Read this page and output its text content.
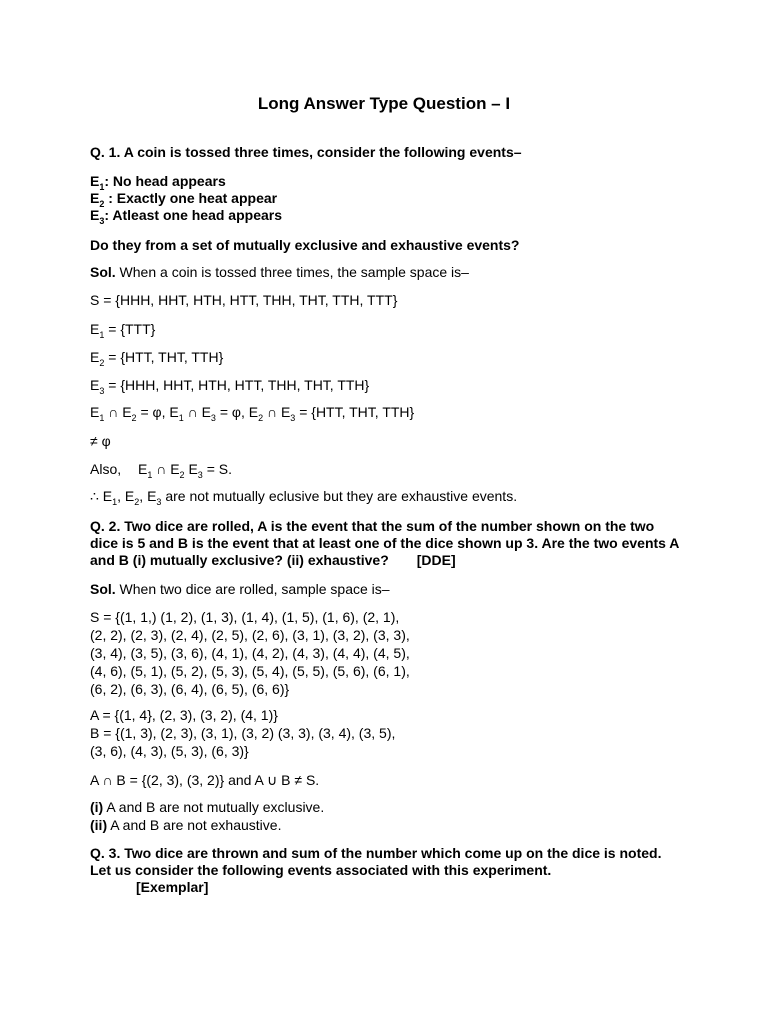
Long Answer Type Question – I
Q. 1. A coin is tossed three times, consider the following events–
$E_1$: No head appears
$E_2$ : Exactly one heat appear
$E_3$: Atleast one head appears
Do they from a set of mutually exclusive and exhaustive events?
Sol. When a coin is tossed three times, the sample space is–
S = {HHH, HHT, HTH, HTT, THH, THT, TTH, TTT}
$E_1 = \{TTT\}$
$E_2 = \{HTT$, THT, TTH}
$E_3 = \{HHH$, HHT, HTH, HTT, THH, THT, TTH}
$E_1$ ∩ $E_2 = \varphi$, $E_1$ ∩ $E_3 = \varphi$, $E_2$ ∩ $E_3 = \{HTT$, THT, TTH}
≠ φ
Also, $E_1$ ∩ $E_2$ $E_3 = S$.
∴ $E_1$, $E_2$, $E_3$ are not mutually eclusive but they are exhaustive events.
Q. 2. Two dice are rolled, A is the event that the sum of the number shown on the two
dice is 5 and B is the event that at least one of the dice shown up 3. Are the two events A
and B (i) mutually exclusive? (ii) exhaustive? [DDE]
Sol. When two dice are rolled, sample space is–
S = {(1, 1,) (1, 2), (1, 3), (1, 4), (1, 5), (1, 6), (2, 1),
(2, 2), (2, 3), (2, 4), (2, 5), (2, 6), (3, 1), (3, 2), (3, 3),
(3, 4), (3, 5), (3, 6), (4, 1), (4, 2), (4, 3), (4, 4), (4, 5),
(4, 6), (5, 1), (5, 2), (5, 3), (5, 4), (5, 5), (5, 6), (6, 1),
(6, 2), (6, 3), (6, 4), (6, 5), (6, 6)}
A = {(1, 4}, (2, 3), (3, 2), (4, 1)}
B = {(1, 3), (2, 3), (3, 1), (3, 2) (3, 3), (3, 4), (3, 5),
(3, 6), (4, 3), (5, 3), (6, 3)}
A ∩ B = {(2, 3), (3, 2)} and A ∪ B ≠ S.
(i) A and B are not mutually exclusive.
(ii) A and B are not exhaustive.
Q. 3. Two dice are thrown and sum of the number which come up on the dice is noted.
Let us consider the following events associated with this experiment.
[Exemplar]
